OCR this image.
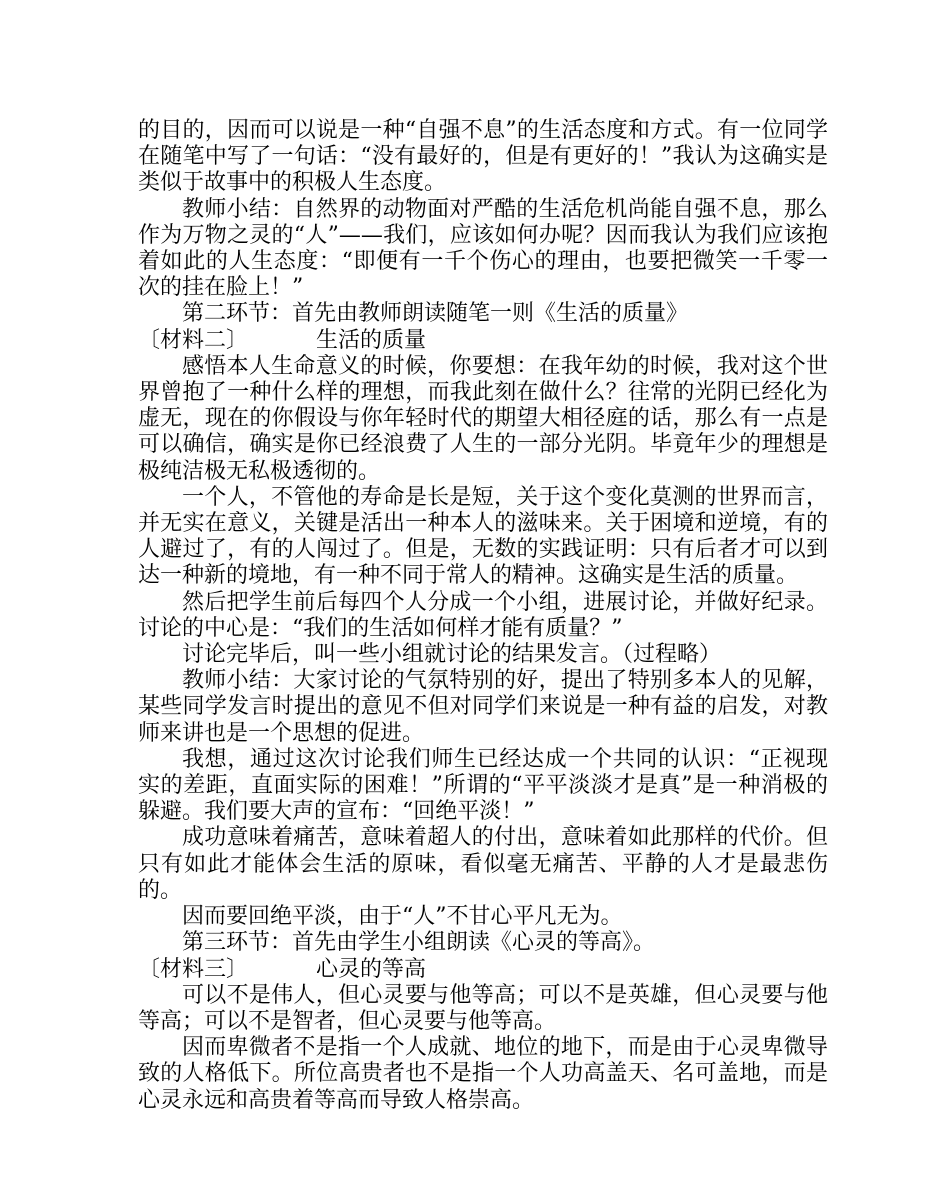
的目的，因而可以说是一种“自强不息”的生活态度和方式。有一位同学在随笔中写了一句话：“没有最好的，但是有更好的！”我认为这确实是类似于故事中的积极人生态度。

教师小结：自然界的动物面对严酷的生活危机尚能自强不息，那么作为万物之灵的“人”——我们，应该如何办呢？因而我认为我们应该抱着如此的人生态度：“即便有一千个伤心的理由，也要把微笑一千零一次的挂在脸上！”

第二环节：首先由教师朗读随笔一则《生活的质量》

〔材料二〕	生活的质量

感悟本人生命意义的时候，你要想：在我年幼的时候，我对这个世界曾抱了一种什么样的理想，而我此刻在做什么？往常的光阴已经化为虚无，现在的你假设与你年轻时代的期望大相径庭的话，那么有一点是可以确信，确实是你已经浪费了人生的一部分光阴。毕竟年少的理想是极纯洁极无私极透彻的。

一个人，不管他的寿命是长是短，关于这个变化莫测的世界而言，并无实在意义，关键是活出一种本人的滋味来。关于困境和逆境，有的人避过了，有的人闯过了。但是，无数的实践证明：只有后者才可以到达一种新的境地，有一种不同于常人的精神。这确实是生活的质量。

然后把学生前后每四个人分成一个小组，进展讨论，并做好纪录。讨论的中心是：“我们的生活如何样才能有质量？”

讨论完毕后，叫一些小组就讨论的结果发言。（过程略）

教师小结：大家讨论的气氛特别的好，提出了特别多本人的见解，某些同学发言时提出的意见不但对同学们来说是一种有益的启发，对教师来讲也是一个思想的促进。

我想，通过这次讨论我们师生已经达成一个共同的认识：“正视现实的差距，直面实际的困难！”所谓的“平平淡淡才是真”是一种消极的躲避。我们要大声的宣布：“回绝平淡！”

成功意味着痛苦，意味着超人的付出，意味着如此那样的代价。但只有如此才能体会生活的原味，看似毫无痛苦、平静的人才是最悲伤的。

因而要回绝平淡，由于“人”不甘心平凡无为。

第三环节：首先由学生小组朗读《心灵的等高》。

〔材料三〕	心灵的等高

可以不是伟人，但心灵要与他等高；可以不是英雄，但心灵要与他等高；可以不是智者，但心灵要与他等高。

因而卑微者不是指一个人成就、地位的地下，而是由于心灵卑微导致的人格低下。所位高贵者也不是指一个人功高盖天、名可盖地，而是心灵永远和高贵着等高而导致人格崇高。
